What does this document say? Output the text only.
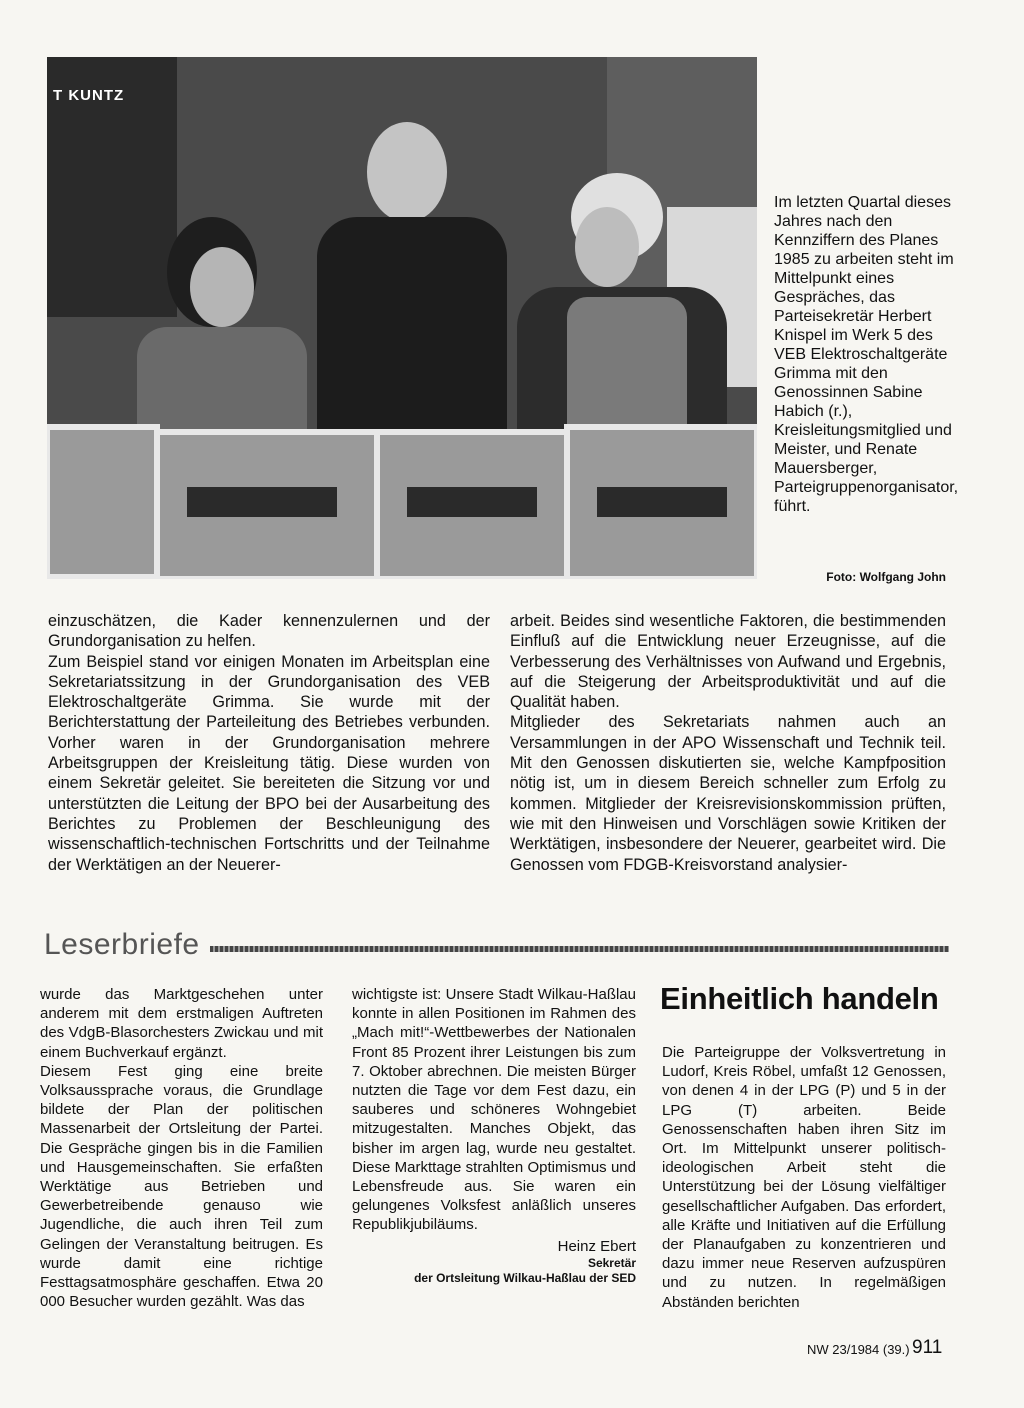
T KUNTZ

Im letzten Quartal dieses Jahres nach den Kennziffern des Planes 1985 zu arbeiten steht im Mittelpunkt eines Gespräches, das Parteisekretär Herbert Knispel im Werk 5 des VEB Elektroschaltgeräte Grimma mit den Genossinnen Sabine Habich (r.), Kreisleitungsmitglied und Meister, und Renate Mauersberger, Parteigruppenorganisator, führt.

Foto: Wolfgang John

einzuschätzen, die Kader kennenzulernen und der Grundorganisation zu helfen.

Zum Beispiel stand vor einigen Monaten im Arbeitsplan eine Sekretariatssitzung in der Grundorganisation des VEB Elektroschaltgeräte Grimma. Sie wurde mit der Berichterstattung der Parteileitung des Betriebes verbunden. Vorher waren in der Grundorganisation mehrere Arbeitsgruppen der Kreisleitung tätig. Diese wurden von einem Sekretär geleitet. Sie bereiteten die Sitzung vor und unterstützten die Leitung der BPO bei der Ausarbeitung des Berichtes zu Problemen der Beschleunigung des wissenschaftlich-technischen Fortschritts und der Teilnahme der Werktätigen an der Neuerer-

arbeit. Beides sind wesentliche Faktoren, die bestimmenden Einfluß auf die Entwicklung neuer Erzeugnisse, auf die Verbesserung des Verhältnisses von Aufwand und Ergebnis, auf die Steigerung der Arbeitsproduktivität und auf die Qualität haben.

Mitglieder des Sekretariats nahmen auch an Versammlungen in der APO Wissenschaft und Technik teil. Mit den Genossen diskutierten sie, welche Kampfposition nötig ist, um in diesem Bereich schneller zum Erfolg zu kommen. Mitglieder der Kreisrevisionskommission prüften, wie mit den Hinweisen und Vorschlägen sowie Kritiken der Werktätigen, insbesondere der Neuerer, gearbeitet wird. Die Genossen vom FDGB-Kreisvorstand analysier-

Leserbriefe

wurde das Marktgeschehen unter anderem mit dem erstmaligen Auftreten des VdgB-Blasorchesters Zwickau und mit einem Buchverkauf ergänzt.

Diesem Fest ging eine breite Volksaussprache voraus, die Grundlage bildete der Plan der politischen Massenarbeit der Ortsleitung der Partei. Die Gespräche gingen bis in die Familien und Hausgemeinschaften. Sie erfaßten Werktätige aus Betrieben und Gewerbetreibende genauso wie Jugendliche, die auch ihren Teil zum Gelingen der Veranstaltung beitrugen. Es wurde damit eine richtige Festtagsatmosphäre geschaffen. Etwa 20 000 Besucher wurden gezählt. Was das

wichtigste ist: Unsere Stadt Wilkau-Haßlau konnte in allen Positionen im Rahmen des „Mach mit!“-Wettbewerbes der Nationalen Front 85 Prozent ihrer Leistungen bis zum 7. Oktober abrechnen. Die meisten Bürger nutzten die Tage vor dem Fest dazu, ein sauberes und schöneres Wohngebiet mitzugestalten. Manches Objekt, das bisher im argen lag, wurde neu gestaltet. Diese Markttage strahlten Optimismus und Lebensfreude aus. Sie waren ein gelungenes Volksfest anläßlich unseres Republikjubiläums.

Heinz Ebert

Sekretär

der Ortsleitung Wilkau-Haßlau der SED

Einheitlich handeln

Die Parteigruppe der Volksvertretung in Ludorf, Kreis Röbel, umfaßt 12 Genossen, von denen 4 in der LPG (P) und 5 in der LPG (T) arbeiten. Beide Genossenschaften haben ihren Sitz im Ort. Im Mittelpunkt unserer politisch-ideologischen Arbeit steht die Unterstützung bei der Lösung vielfältiger gesellschaftlicher Aufgaben. Das erfordert, alle Kräfte und Initiativen auf die Erfüllung der Planaufgaben zu konzentrieren und dazu immer neue Reserven aufzuspüren und zu nutzen. In regelmäßigen Abständen berichten

NW 23/1984 (39.) 911
